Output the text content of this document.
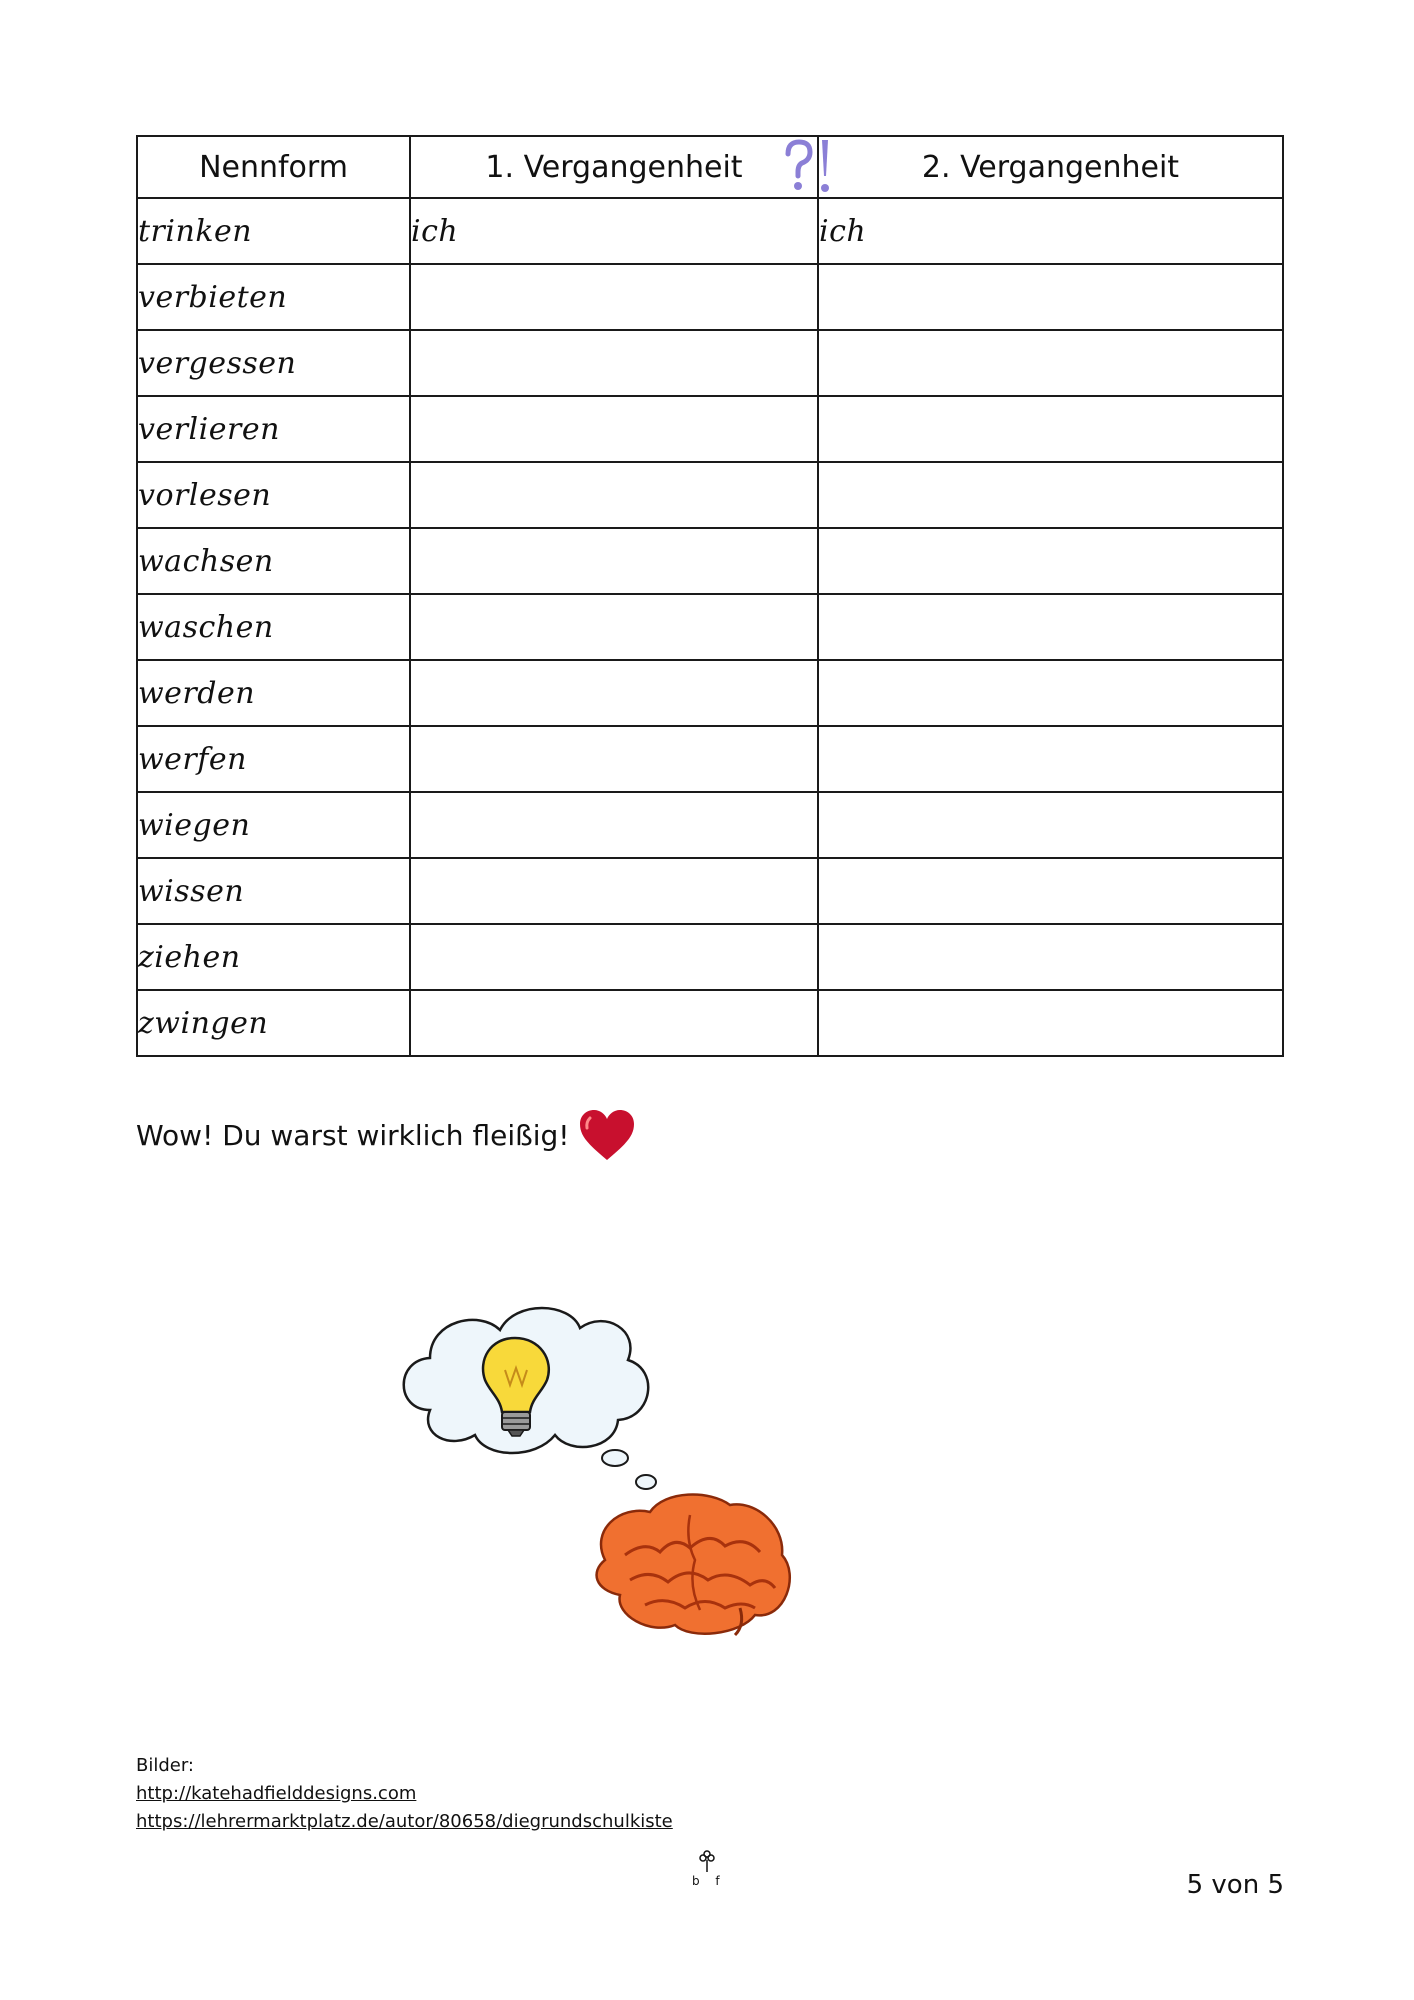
Nennform	1. Vergangenheit	2. Vergangenheit
trinken	ich	ich
verbieten		
vergessen		
verlieren		
vorlesen		
wachsen		
waschen		
werden		
werfen		
wiegen		
wissen		
ziehen		
zwingen		
Wow! Du warst wirklich fleißig!
Bilder:
http://katehadfielddesigns.com
https://lehrermarktplatz.de/autor/80658/diegrundschulkiste
b f	5 von 5
